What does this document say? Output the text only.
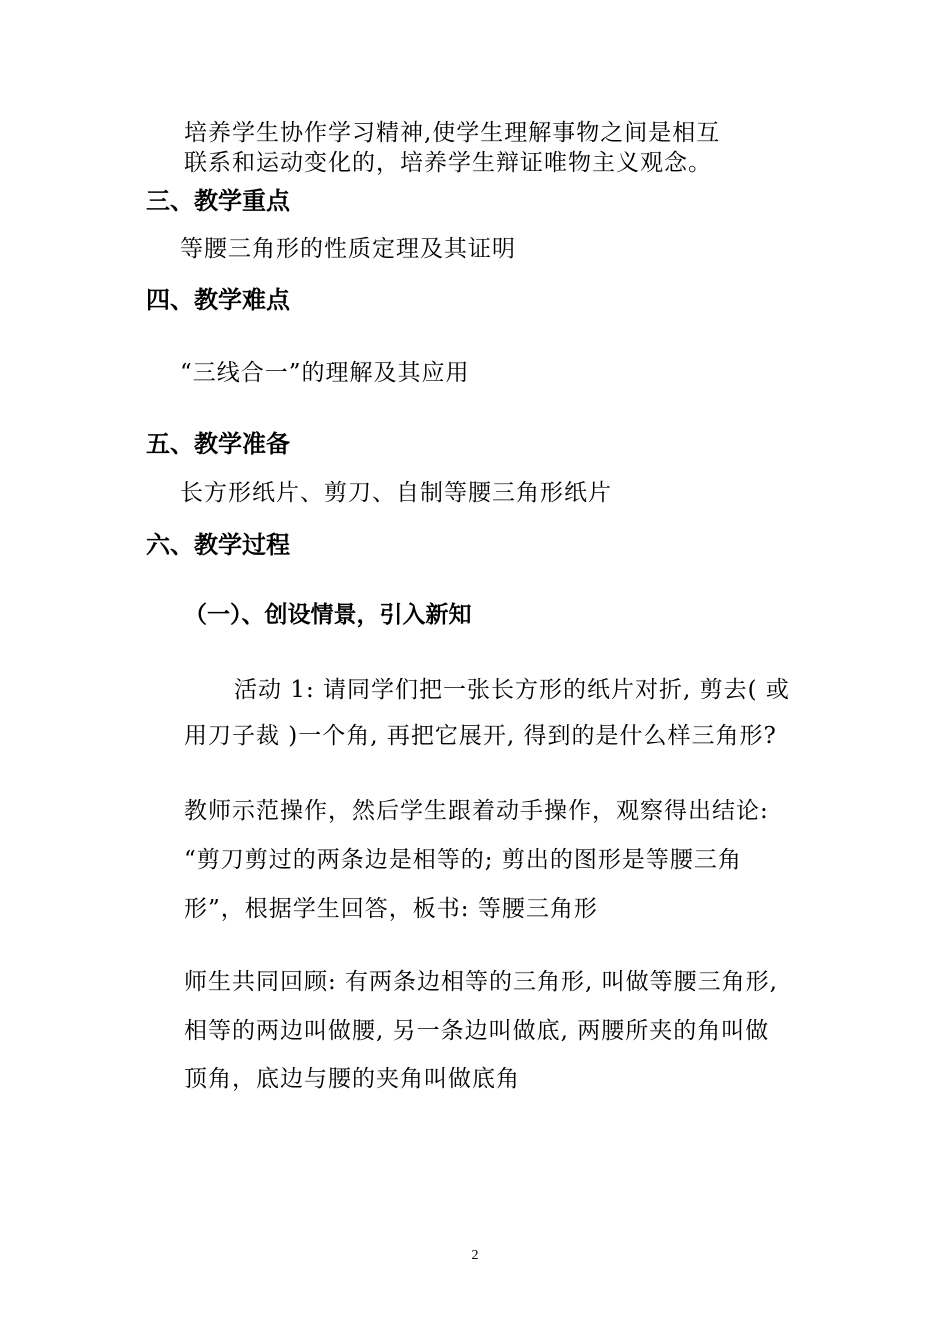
培养学生协作学习精神,使学生理解事物之间是相互
联系和运动变化的，培养学生辩证唯物主义观念。
三、教学重点
等腰三角形的性质定理及其证明
四、教学难点
“三线合一”的理解及其应用
五、教学准备
长方形纸片、剪刀、自制等腰三角形纸片
六、教学过程
（一）、创设情景，引入新知
活动 1: 请同学们把一张长方形的纸片对折, 剪去( 或
用刀子裁 )一个角, 再把它展开, 得到的是什么样三角形?
教师示范操作，然后学生跟着动手操作，观察得出结论:
“剪刀剪过的两条边是相等的; 剪出的图形是等腰三角
形”，根据学生回答，板书: 等腰三角形
师生共同回顾: 有两条边相等的三角形, 叫做等腰三角形,
相等的两边叫做腰, 另一条边叫做底, 两腰所夹的角叫做
顶角，底边与腰的夹角叫做底角
2
